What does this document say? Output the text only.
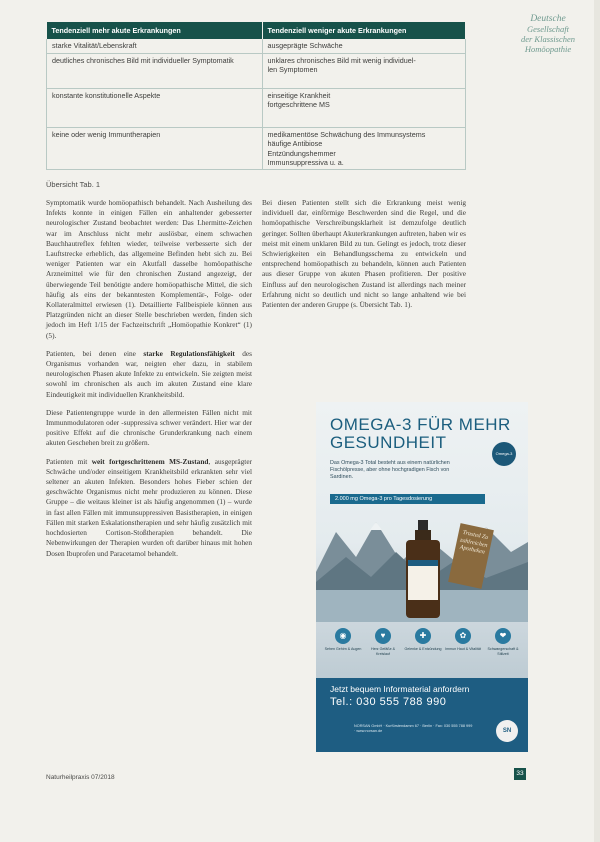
Deutsche
Gesellschaft
der Klassischen
Homöopathie
Tendenziell mehr akute Erkrankungen	Tendenziell weniger akute Erkrankungen

starke Vitalität/Lebenskraft	ausgeprägte Schwäche

deutliches chronisches Bild mit individueller Symptomatik	unklares chronisches Bild mit wenig individuel-
len Symptomen

konstante konstitutionelle Aspekte	einseitige Krankheit
fortgeschrittene MS

keine oder wenig Immuntherapien	medikamentöse Schwächung des Immunsystems
häufige Antibiose
Entzündungshemmer
Immunsuppressiva u. a.
Übersicht Tab. 1

Symptomatik wurde homöopathisch behandelt. Nach Ausheilung des Infekts konnte in einigen Fällen ein anhaltender gebesserter neurologischer Zustand beobachtet werden: Das Lhermitte-Zeichen war im Anschluss nicht mehr auslösbar, einem schwachen Bauchhautreflex fehlten wieder, teilweise verbesserte sich der Lauftstrecke erheblich, das allgemeine Befinden hebt sich zu. Bei weniger Patienten war ein Akutfall dasselbe homöopathische Arzneimittel wie für den chronischen Zustand angezeigt, der überwiegende Teil benötigte andere homöopathische Mittel, die sich häufig als eins der bekanntesten Komplementär-, Folge- oder Kollateralmittel erwiesen (1). Detaillierte Fallbeispiele können aus Platzgründen nicht an dieser Stelle beschrieben werden, finden sich jedoch im Heft 1/15 der Fachzeitschrift „Homöopathie Konkret“ (1) (5).

Patienten, bei denen eine starke Regulationsfähigkeit des Organismus vorhanden war, neigten eher dazu, in stabilem neurologischen Phasen akute Infekte zu entwickeln. Sie zeigten meist sowohl im chronischen als auch im akuten Zustand eine klare Eindeutigkeit mit individuellen Krankheitsbild.

Diese Patientengruppe wurde in den allermeisten Fällen nicht mit Immunmodulatoren oder -suppressiva schwer verändert. Hier war der positive Effekt auf die chronische Grunderkrankung nach einem akuten Geschehen breit zu größern.

Patienten mit weit fortgeschrittenem MS-Zustand, ausgeprägter Schwäche und/oder einseitigem Krankheitsbild erkrankten sehr viel seltener an akuten Infekten. Besonders hohes Fieber schien der geschwächte Organismus nicht mehr produzieren zu können. Diese Gruppe – die weitaus kleiner ist als häufig angenommen (1) – wurde in fast allen Fällen mit immunsuppressiven Basistherapien, in einigen Fällen mit starken Eskalationstherapien und sehr häufig zusätzlich mit hochdosierten Cortison-Stoßtherapien behandelt. Die Nebenwirkungen der Therapien wurden oft darüber hinaus mit hohen Dosen Ibuprofen und Paracetamol behandelt.

Bei diesen Patienten stellt sich die Erkrankung meist wenig individuell dar, einförmige Beschwerden sind die Regel, und die homöopathische Verschreibungsklarheit ist demzufolge deutlich geringer. Sollten überhaupt Akuterkrankungen auftreten, haben wir es meist mit einem unklaren Bild zu tun. Gelingt es jedoch, trotz dieser Schwierigkeiten ein Behandlungsschema zu entwickeln und entsprechend homöopathisch zu behandeln, können auch Patienten aus dieser Gruppe von akuten Phasen profitieren. Der positive Einfluss auf den neurologischen Zustand ist allerdings nach meiner Erfahrung nicht so deutlich und nicht so lange anhaltend wie bei Patienten der anderen Gruppe (s. Übersicht Tab. 1).

OMEGA-3 FÜR MEHR
GESUNDHEIT
Das Omega-3 Total besteht aus einem natürlichen Fischölpresse, aber ohne hochgradigen Fisch von Sardinen.
Omega-3
2.000 mg Omega-3 pro Tagesdosierung
Trusted Zu zahlreichen Apotheken
◉
Sehen Gehirn & Augen
♥
Herz Gefäße & Kreislauf
✚
Gelenke & Entzündung
✿
Immun Haut & Vitalität
❤
Schwangerschaft & Stillzeit
Jetzt bequem Informaterial anfordern
Tel.: 030 555 788 990
NORSAN GmbH · Kurfürstendamm 67 · Berlin · Fax: 030 555 788 999 · www.norsan.de	SN
Naturheilpraxis 07/2018
33
